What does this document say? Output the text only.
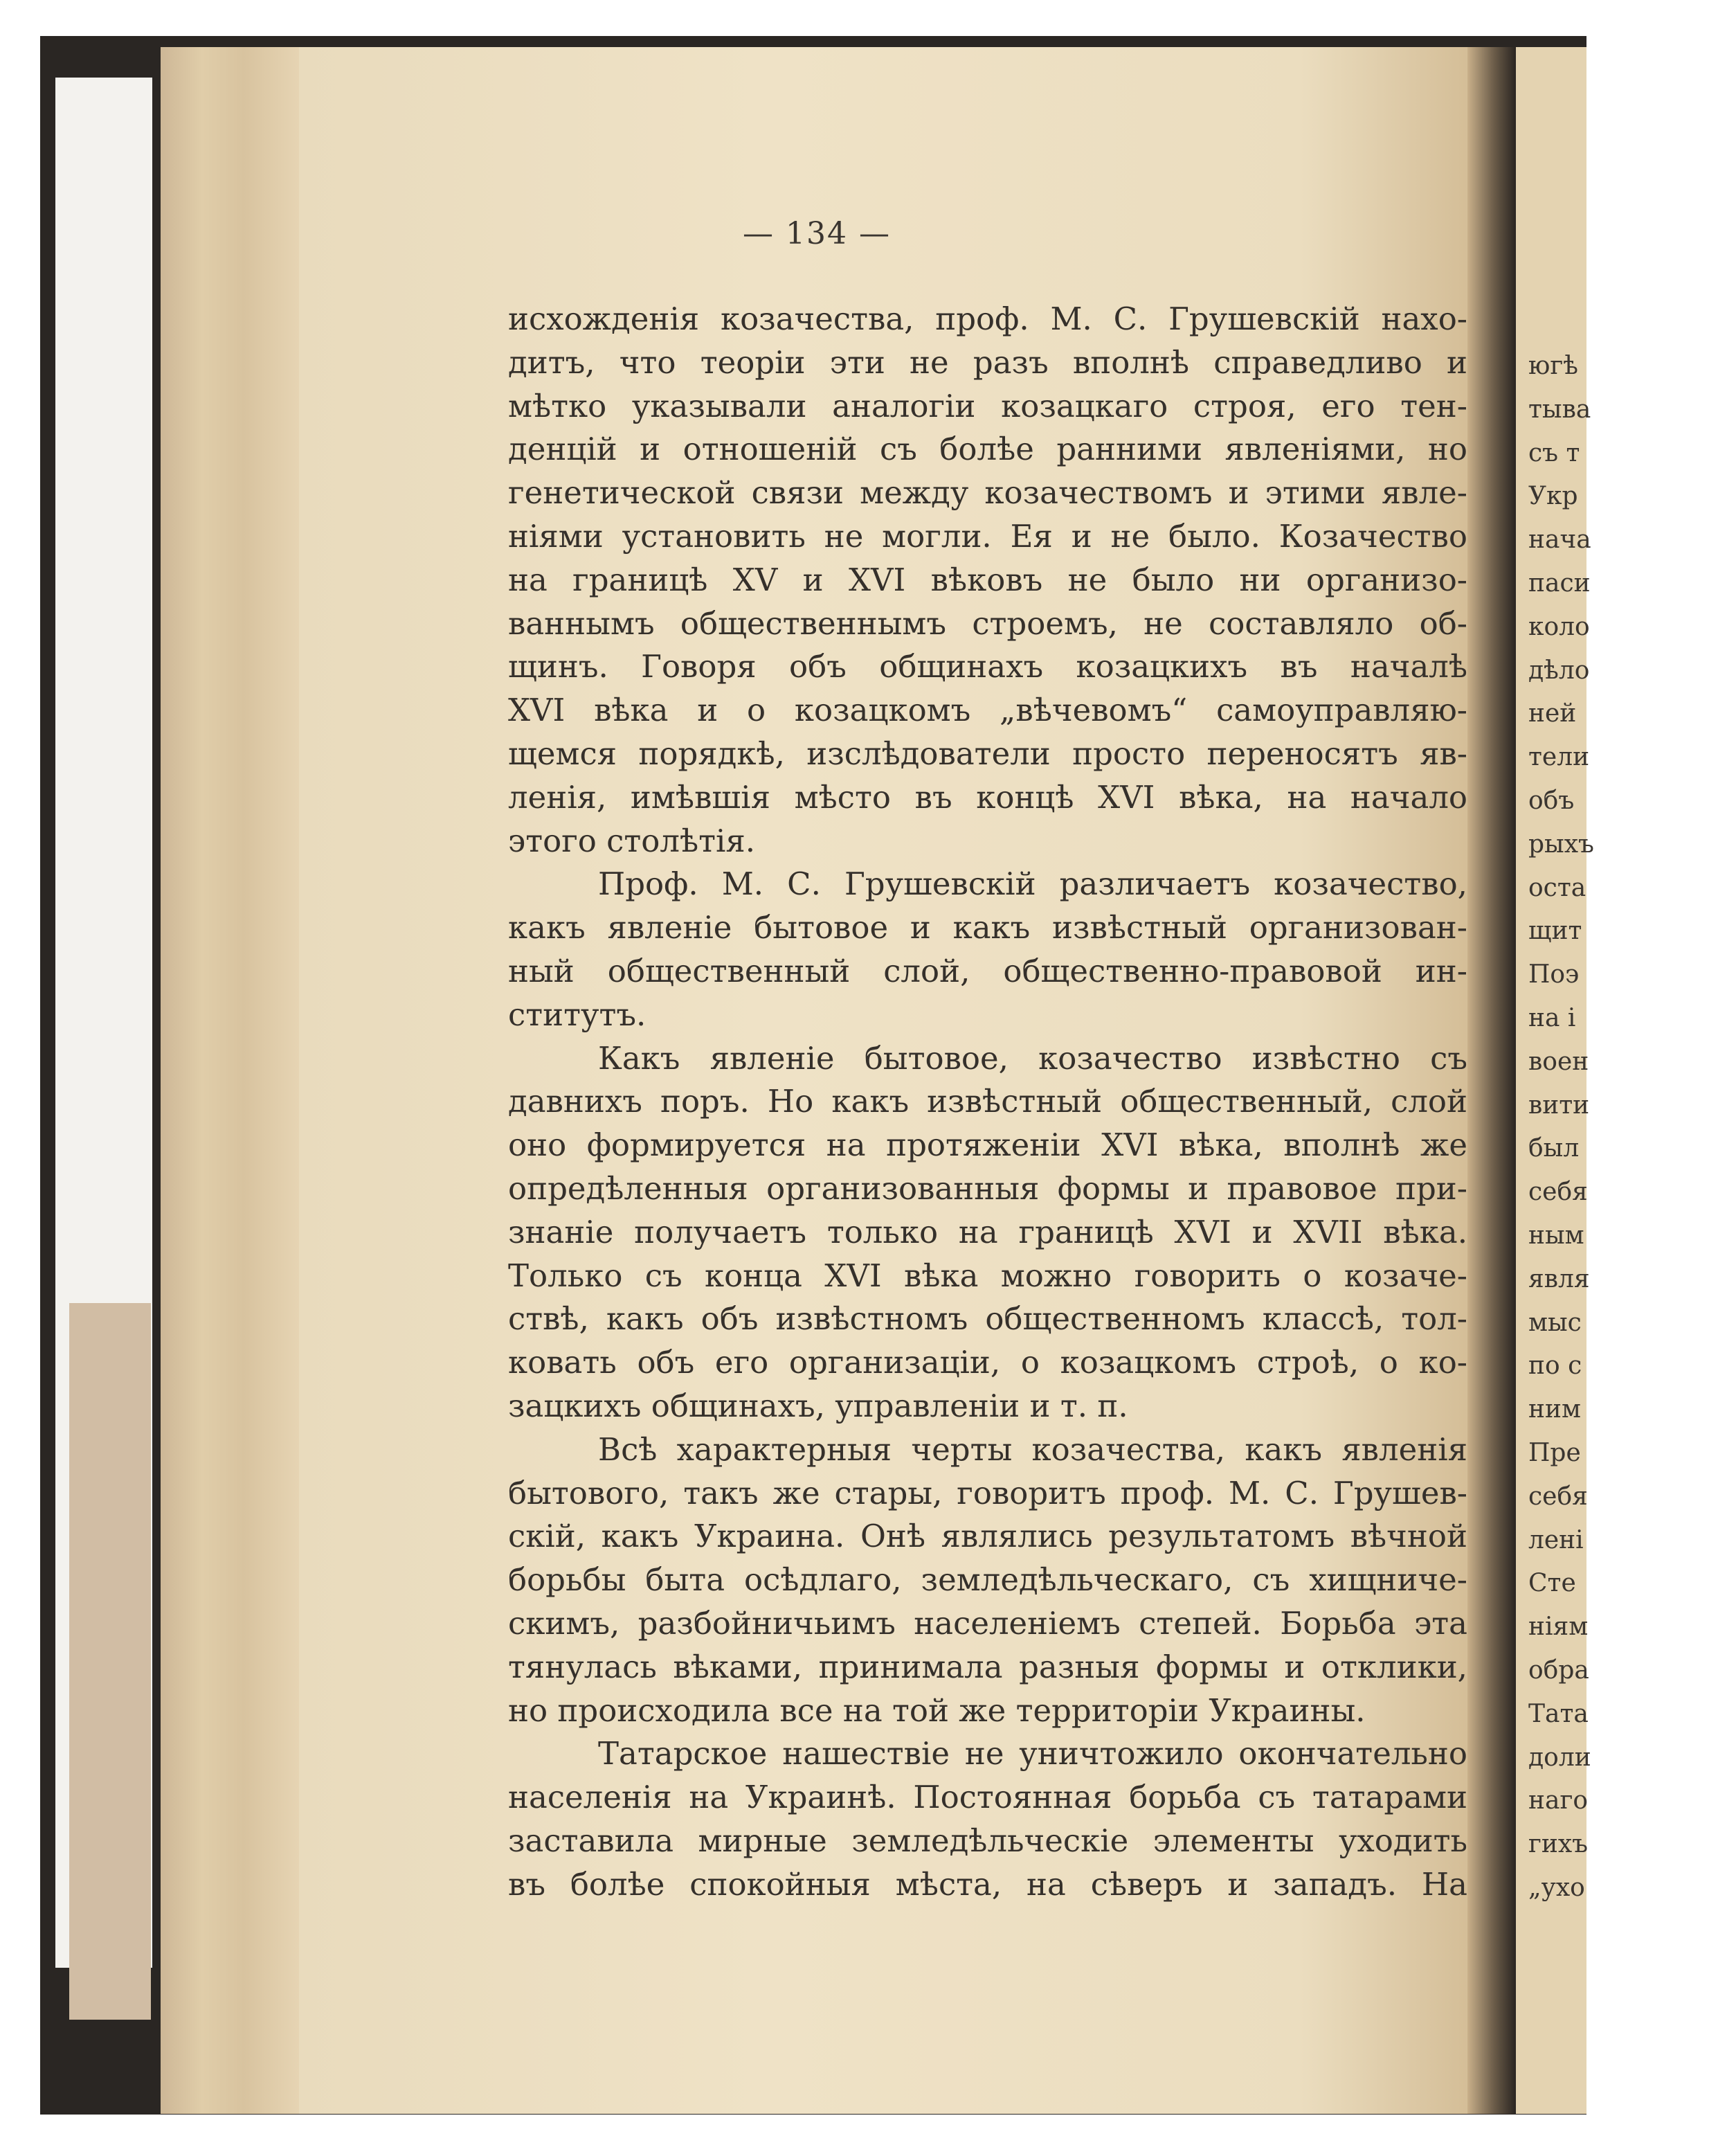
— 134 —
исхожденія козачества, проф. М. С. Грушевскій нахо-
дитъ, что теоріи эти не разъ вполнѣ справедливо и
мѣтко указывали аналогіи козацкаго строя, его тен-
денцій и отношеній съ болѣе ранними явленіями, но
генетической связи между козачествомъ и этими явле-
ніями установить не могли. Ея и не было. Козачество
на границѣ XV и XVI вѣковъ не было ни организо-
ваннымъ общественнымъ строемъ, не составляло об-
щинъ. Говоря объ общинахъ козацкихъ въ началѣ
XVI вѣка и о козацкомъ „вѣчевомъ“ самоуправляю-
щемся порядкѣ, изслѣдователи просто переносятъ яв-
ленія, имѣвшія мѣсто въ концѣ XVI вѣка, на начало
этого столѣтія.
Проф. М. С. Грушевскій различаетъ козачество,
какъ явленіе бытовое и какъ извѣстный организован-
ный общественный слой, общественно-правовой ин-
ститутъ.
Какъ явленіе бытовое, козачество извѣстно съ
давнихъ поръ. Но какъ извѣстный общественный, слой
оно формируется на протяженіи XVI вѣка, вполнѣ же
опредѣленныя организованныя формы и правовое при-
знаніе получаетъ только на границѣ XVI и XVII вѣка.
Только съ конца XVI вѣка можно говорить о козаче-
ствѣ, какъ объ извѣстномъ общественномъ классѣ, тол-
ковать объ его организаціи, о козацкомъ строѣ, о ко-
зацкихъ общинахъ, управленіи и т. п.
Всѣ характерныя черты козачества, какъ явленія
бытового, такъ же стары, говоритъ проф. М. С. Грушев-
скій, какъ Украина. Онѣ являлись результатомъ вѣчной
борьбы быта осѣдлаго, земледѣльческаго, съ хищниче-
скимъ, разбойничьимъ населеніемъ степей. Борьба эта
тянулась вѣками, принимала разныя формы и отклики,
но происходила все на той же территоріи Украины.
Татарское нашествіе не уничтожило окончательно
населенія на Украинѣ. Постоянная борьба съ татарами
заставила мирные земледѣльческіе элементы уходить
въ болѣе спокойныя мѣста, на сѣверъ и западъ. На
югѣ
тыва
съ т
Укр
нача
паси
коло
дѣло
ней
тели
объ
рыхъ
оста
щит
Поэ
на і
воен
вити
был
себя
ным
явля
мыс
по с
ним
Пре
себя
лені
Сте
ніям
обра
Тата
доли
наго
гихъ
„ухо
